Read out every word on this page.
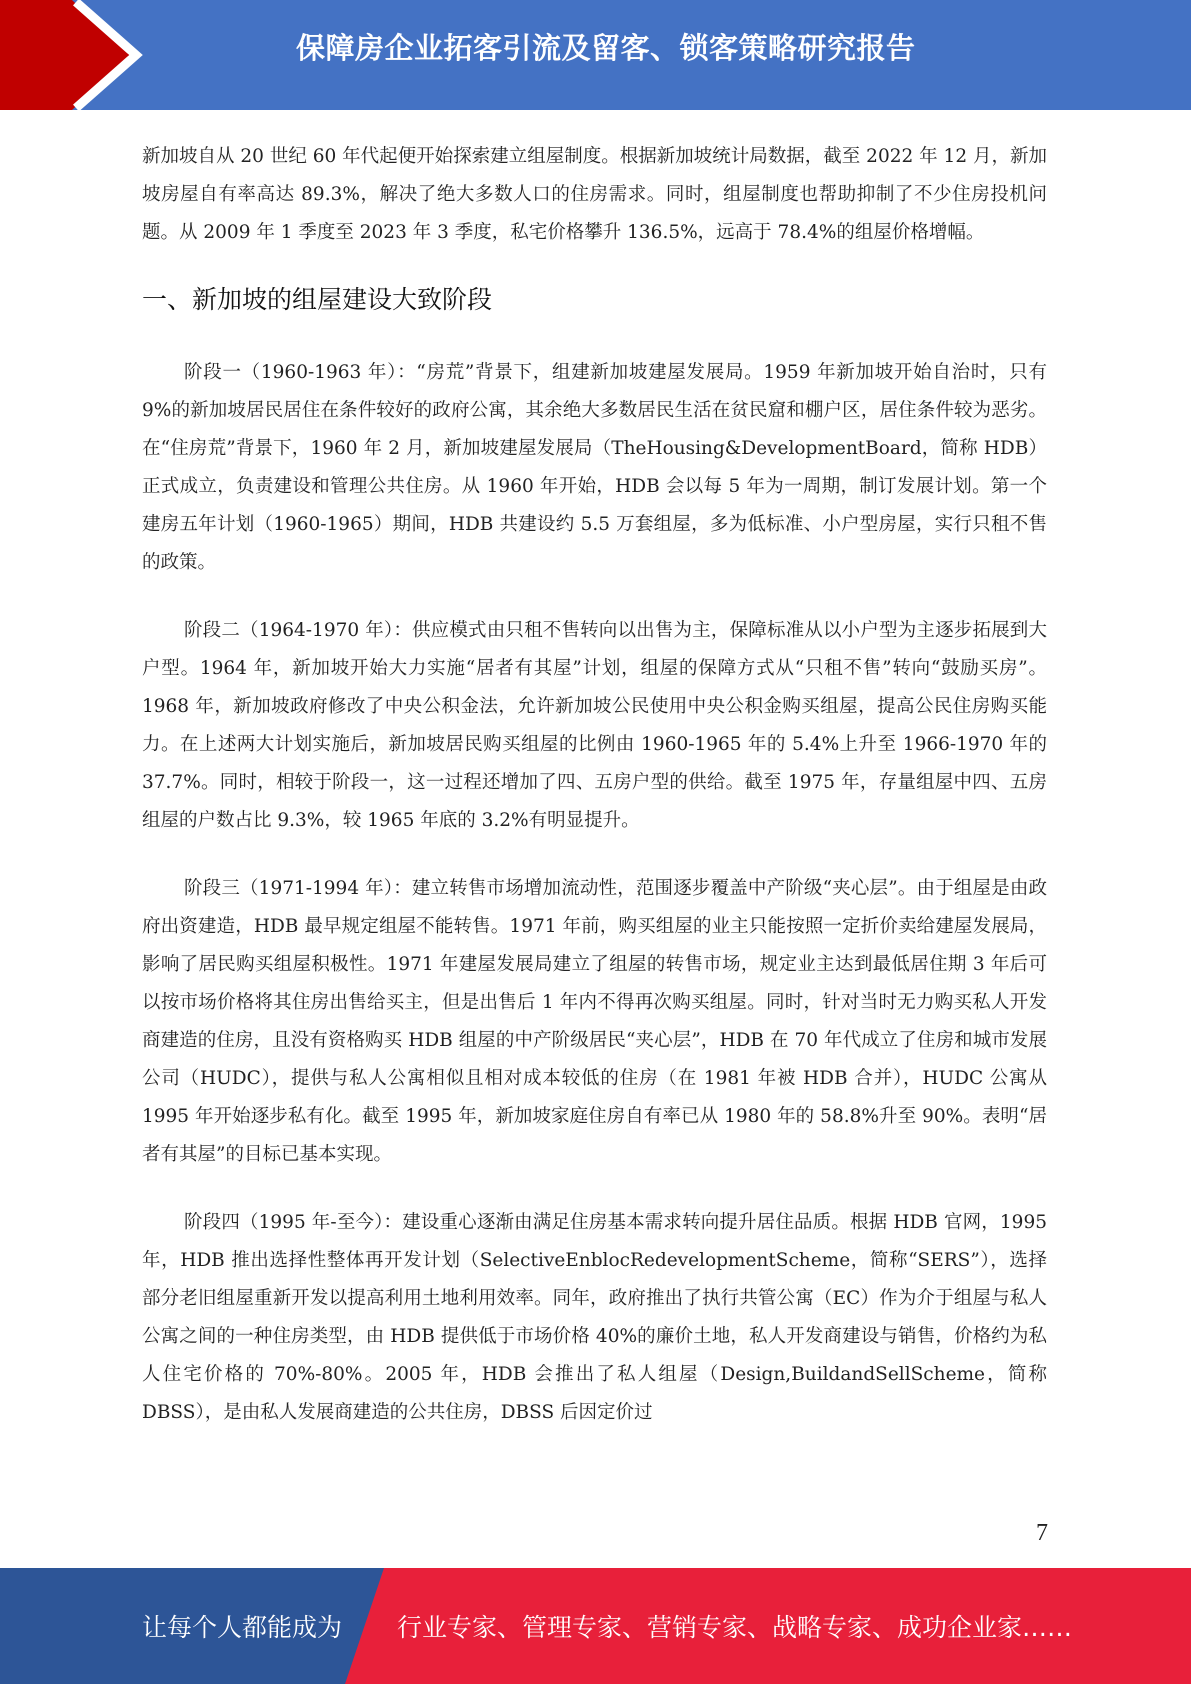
保障房企业拓客引流及留客、锁客策略研究报告

新加坡自从 20 世纪 60 年代起便开始探索建立组屋制度。根据新加坡统计局数据，截至 2022 年 12 月，新加坡房屋自有率高达 89.3%，解决了绝大多数人口的住房需求。同时，组屋制度也帮助抑制了不少住房投机问题。从 2009 年 1 季度至 2023 年 3 季度，私宅价格攀升 136.5%，远高于 78.4%的组屋价格增幅。

一、新加坡的组屋建设大致阶段

阶段一（1960-1963 年）：“房荒”背景下，组建新加坡建屋发展局。1959 年新加坡开始自治时，只有 9%的新加坡居民居住在条件较好的政府公寓，其余绝大多数居民生活在贫民窟和棚户区，居住条件较为恶劣。在“住房荒”背景下，1960 年 2 月，新加坡建屋发展局（TheHousing&DevelopmentBoard，简称 HDB）正式成立，负责建设和管理公共住房。从 1960 年开始，HDB 会以每 5 年为一周期，制订发展计划。第一个建房五年计划（1960-1965）期间，HDB 共建设约 5.5 万套组屋，多为低标准、小户型房屋，实行只租不售的政策。

阶段二（1964-1970 年）：供应模式由只租不售转向以出售为主，保障标准从以小户型为主逐步拓展到大户型。1964 年，新加坡开始大力实施“居者有其屋”计划，组屋的保障方式从“只租不售”转向“鼓励买房”。1968 年，新加坡政府修改了中央公积金法，允许新加坡公民使用中央公积金购买组屋，提高公民住房购买能力。在上述两大计划实施后，新加坡居民购买组屋的比例由 1960-1965 年的 5.4%上升至 1966-1970 年的 37.7%。同时，相较于阶段一，这一过程还增加了四、五房户型的供给。截至 1975 年，存量组屋中四、五房组屋的户数占比 9.3%，较 1965 年底的 3.2%有明显提升。

阶段三（1971-1994 年）：建立转售市场增加流动性，范围逐步覆盖中产阶级“夹心层”。由于组屋是由政府出资建造，HDB 最早规定组屋不能转售。1971 年前，购买组屋的业主只能按照一定折价卖给建屋发展局，影响了居民购买组屋积极性。1971 年建屋发展局建立了组屋的转售市场，规定业主达到最低居住期 3 年后可以按市场价格将其住房出售给买主，但是出售后 1 年内不得再次购买组屋。同时，针对当时无力购买私人开发商建造的住房，且没有资格购买 HDB 组屋的中产阶级居民“夹心层”，HDB 在 70 年代成立了住房和城市发展公司（HUDC），提供与私人公寓相似且相对成本较低的住房（在 1981 年被 HDB 合并），HUDC 公寓从 1995 年开始逐步私有化。截至 1995 年，新加坡家庭住房自有率已从 1980 年的 58.8%升至 90%。表明“居者有其屋”的目标已基本实现。

阶段四（1995 年-至今）：建设重心逐渐由满足住房基本需求转向提升居住品质。根据 HDB 官网，1995 年，HDB 推出选择性整体再开发计划（SelectiveEnblocRedevelopmentScheme，简称“SERS”），选择部分老旧组屋重新开发以提高利用土地利用效率。同年，政府推出了执行共管公寓（EC）作为介于组屋与私人公寓之间的一种住房类型，由 HDB 提供低于市场价格 40%的廉价土地，私人开发商建设与销售，价格约为私人住宅价格的 70%-80%。2005 年，HDB 会推出了私人组屋（Design,BuildandSellScheme，简称 DBSS），是由私人发展商建造的公共住房，DBSS 后因定价过

7
让每个人都能成为 行业专家、管理专家、营销专家、战略专家、成功企业家……
